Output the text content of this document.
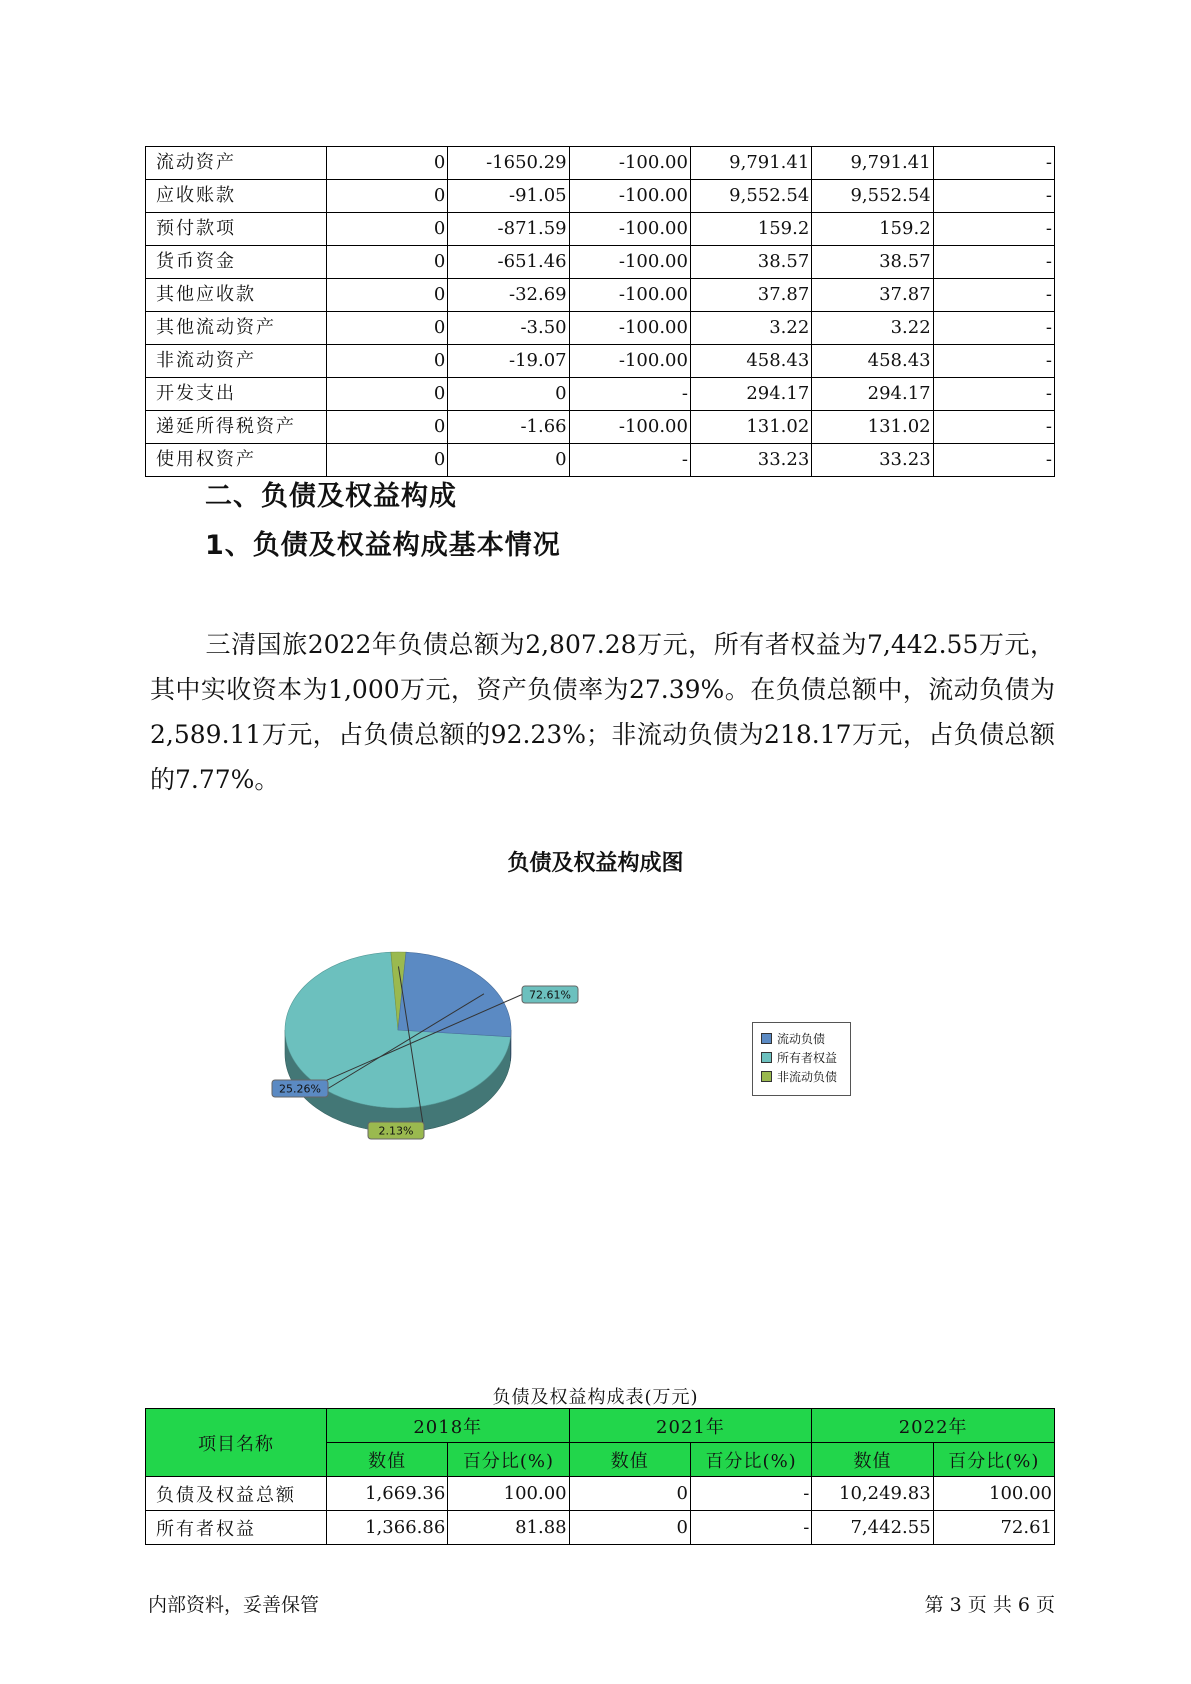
流动资产	0	-1650.29	-100.00	9,791.41	9,791.41	-
应收账款	0	-91.05	-100.00	9,552.54	9,552.54	-
预付款项	0	-871.59	-100.00	159.2	159.2	-
货币资金	0	-651.46	-100.00	38.57	38.57	-
其他应收款	0	-32.69	-100.00	37.87	37.87	-
其他流动资产	0	-3.50	-100.00	3.22	3.22	-
非流动资产	0	-19.07	-100.00	458.43	458.43	-
开发支出	0	0	-	294.17	294.17	-
递延所得税资产	0	-1.66	-100.00	131.02	131.02	-
使用权资产	0	0	-	33.23	33.23	-
二、负债及权益构成
1、负债及权益构成基本情况

三清国旅2022年负债总额为2,807.28万元，所有者权益为7,442.55万元，其中实收资本为1,000万元，资产负债率为27.39%。在负债总额中，流动负债为2,589.11万元，占负债总额的92.23%；非流动负债为218.17万元，占负债总额的7.77%。

负债及权益构成图
72.61%
2.13%
25.26%
流动负债
所有者权益
非流动负债
负债及权益构成表(万元)
项目名称	2018年		2021年		2022年	
	数值	百分比(%)	数值	百分比(%)	数值	百分比(%)
负债及权益总额	1,669.36	100.00	0	-	10,249.83	100.00
所有者权益	1,366.86	81.88	0	-	7,442.55	72.61
内部资料，妥善保管	第 3 页 共 6 页
